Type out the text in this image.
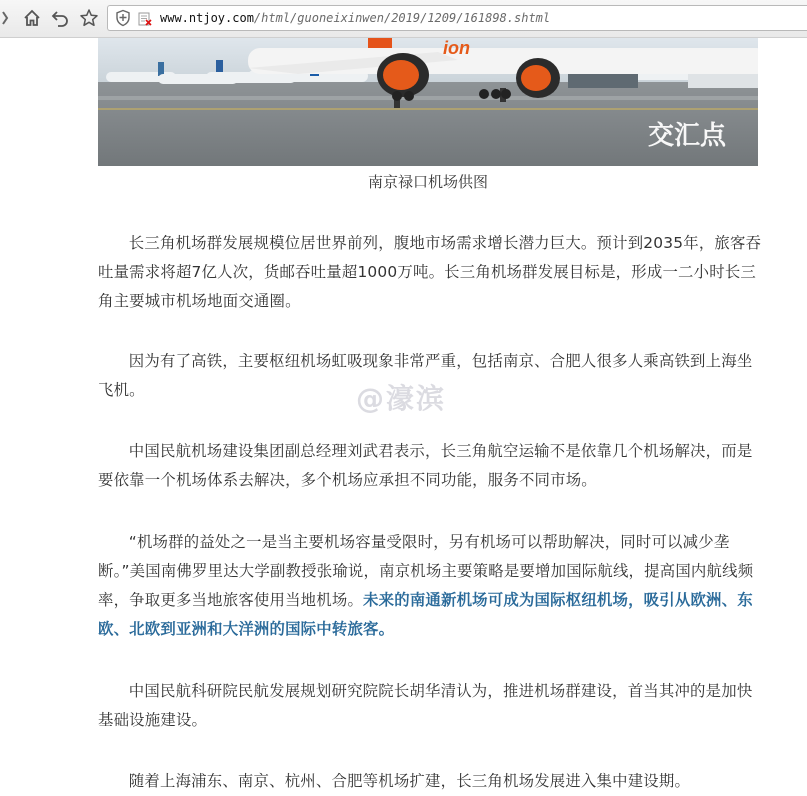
www.ntjoy.com/html/guoneixinwen/2019/1209/161898.shtml
ion
交汇点
南京禄口机场供图

长三角机场群发展规模位居世界前列，腹地市场需求增长潜力巨大。预计到2035年，旅客吞吐量需求将超7亿人次，货邮吞吐量超1000万吨。长三角机场群发展目标是，形成一二小时长三角主要城市机场地面交通圈。

因为有了高铁，主要枢纽机场虹吸现象非常严重，包括南京、合肥人很多人乘高铁到上海坐飞机。

中国民航机场建设集团副总经理刘武君表示，长三角航空运输不是依靠几个机场解决，而是要依靠一个机场体系去解决，多个机场应承担不同功能，服务不同市场。

“机场群的益处之一是当主要机场容量受限时，另有机场可以帮助解决，同时可以减少垄断。”美国南佛罗里达大学副教授张瑜说，南京机场主要策略是要增加国际航线，提高国内航线频率，争取更多当地旅客使用当地机场。未来的南通新机场可成为国际枢纽机场，吸引从欧洲、东欧、北欧到亚洲和大洋洲的国际中转旅客。

中国民航科研院民航发展规划研究院院长胡华清认为，推进机场群建设，首当其冲的是加快基础设施建设。

随着上海浦东、南京、杭州、合肥等机场扩建，长三角机场发展进入集中建设期。

@濠滨
